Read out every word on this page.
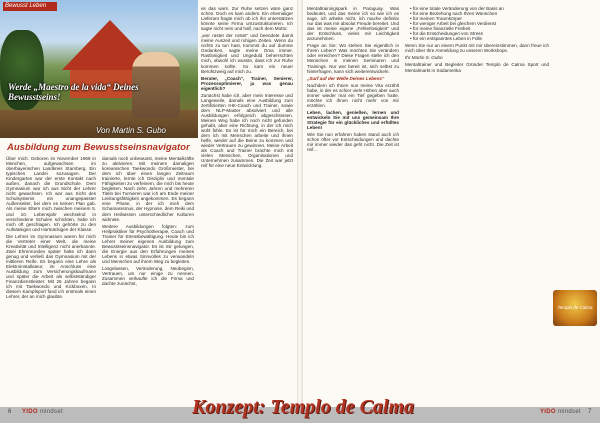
Bewusst Leben
Werde „Maestro de la vida“ Deines Bewusstseins!
Von Martin S. Gubo
Ausbildung zum Bewusstseinsnavigator

Über mich: Geboren im November 1968 in München, aufgewachsen im oberbayerischen Landkreis Starnberg. Ein typisches Landei sozusagen. Der Kindergarten war der erste Kontakt nach außen, danach die Grundschule. Dem Gymnasium war ich aus Sicht der Lehrer nicht gewachsen. Ich war aus Sicht des Schulsystems ein unangepasster Außenseiter, bei dem es keinen Plan gab. Als meine Eltern mich zwischen meinem 5. und 10. Lebensjahr wechselnd in verschiedene Schulen schickten, habe ich mich oft geschlagen. Ich gehörte zu den Aufsässigen und Hartnäckigen der Klasse.

Die Lehrer im Gymnasium waren für mich die Vertreter einer Welt, die meine Kreativität und Intelligenz nicht anerkannte. Zwei Ehrenrunden später hatte ich dann genug und verließ das Gymnasium mit der mittleren Reife. Es begann eine Lehre als Elektroinstallateur, im Anschluss eine Ausbildung zum Versicherungskaufmann und später die Arbeit als selbstständiger Finanzdienstleister. Mit 26 Jahren begann ich mit Taekwondo und Kickboxen. In diesem Kampfsport fand ich erstmals einen Lehrer, der an mich glaubte.

damals noch unbewusst, meine Mentalkräfte zu aktivieren. Mit meinem damaligen koreanischen Taekwondo Großmeister, bei dem ich über einen langen Zeitraum trainierte, lernte ich Disziplin und mentale Fähigkeiten zu verfeinern, die mich bis heute begleiten. Nach zehn Jahren und mehreren Titeln bei Turnieren war ich am Ende meiner Leistungsfähigkeit angekommen. Es begann eine Phase, in der ich mich dem Schamanismus, der Hypnose, dem Reiki und dem Heilwissen unterschiedlicher Kulturen widmete.

Weitere Ausbildungen folgten: zum Heilpraktiker für Psychotherapie, Coach und Trainer für Stressbewältigung. Heute bin ich Lehrer meiner eigenen Ausbildung zum Bewusstseinsnavigator. Es ist mir gelungen, die Energie aus den Erfahrungen meines Lebens in etwas Sinnvolles zu verwandeln und Menschen auf ihrem Weg zu begleiten.

Losgelassen, Veränderung, Neubeginn, Vertrauen, um nur einige zu nennen. Zusammen verkaufte ich die Firma und dachte zunächst,

es das wars. Zur Ruhe setzen wäre ganz schön. Doch es kam anders. Ein ehemaliger Lieferant fragte mich ob ich ihn unterstützen könnte seine Firma umzustrukturieren. Ich sagte nicht nein und half, nach dem Motto:

„wer rastet der rostet“ und beendete damit meine Auszeit und ruhigen Zeiten. Wenn du nichts zu tun hast, kommst du auf dumme Gedanken, sagte meine Oma immer. Rastlosigkeit und Ungeduld beherrschten mich, obwohl ich wusste, dass ich zur Ruhe kommen sollte. So kam ein neuer Berufszweig auf mich zu.

Berater, „Coach“, Trainer, Senierer, Prozessoptimierer, ja was genau eigentlich?

Zunächst habe ich, aber mein Interesse und Langeweile, damals eine Ausbildung zum zertifizierten IHK-Coach und Trainer, sowie dem NLP-Master absolviert und alle Ausbildungen erfolgreich abgeschlossen. Meinen Weg habe ich noch nicht gefunden gehabt, aber eine Richtung, in der ich mich wohl fühle. Es ist für mich ein Bereich, bei dem ich mit Menschen arbeite und ihnen helfe, wieder auf die Beine zu kommen und wieder Vertrauen zu gewinnen. Meine Arbeit als Coach und Trainer brachte mich mit vielen Menschen, Organisationen und Unternehmen zusammen. Die Zeit war jetzt reif für eine neue Entwicklung.

Mentaltrainingspark in Paraguay. Was bedeutet, und das meine ich so wie ich es sage, ich arbeite nicht, ich mache definitiv nur das was mir absolut Freude bereitet. Und das ist meine eigene „Fehlerlosigkeit“ und der Entschluss, vieles mit Leichtigkeit anzunehmen.

Frage an Sie: Wo stehen Sie eigentlich in Ihrem Leben? Was möchten Sie verändern oder erreichen? Diese Fragen stelle ich den Menschen in meinen Seminaren und Trainings. Nur wer bereit ist, sich selbst zu hinterfragen, kann sich weiterentwickeln.

„Surf auf der Welle Deines Lebens“

Nachdem ich Ihnen nun meine Vita erzählt habe, in der es schier viele Höhen aber auch immer wieder mal ein Tief gegeben hatte, möchte ich Ihnen nicht mehr von mir erzählen.

Leben, lachen, genießen, lernen und entwickeln Sie mit uns gemeinsam Ihre Strategie für ein glückliches und erfülltes Leben!

Wie Sie nun erfahren haben stand auch ich schon öfter vor Entscheidungen und dachte mir immer wieder das geht nicht. Die Zeit ist reif…

• für eine totale Veränderung von der Basis an
• für eine Beziehung nach Ihren Wünschen
• für meinen Traumkörper
• für weniger Arbeit bei gleichem Verdienst
• für meine finanzielle Freiheit
• für die Entscheidungen von Stress
• für ein entspanntes Leben in Fülle

Wenn Sie nur an einem Punkt mit mir übereinstimmen, dann freue ich mich über Ihre Anmeldung zu unseren Workshops.

Ihr Martin S. Gubo

Mentaltrainer und Begleiter Gründer Templo de Calma Sport und Mentalmarkt in Südamerika

Templo de Calma
6 YIDO mindset	YIDO mindset 7
Konzept: Templo de Calma
